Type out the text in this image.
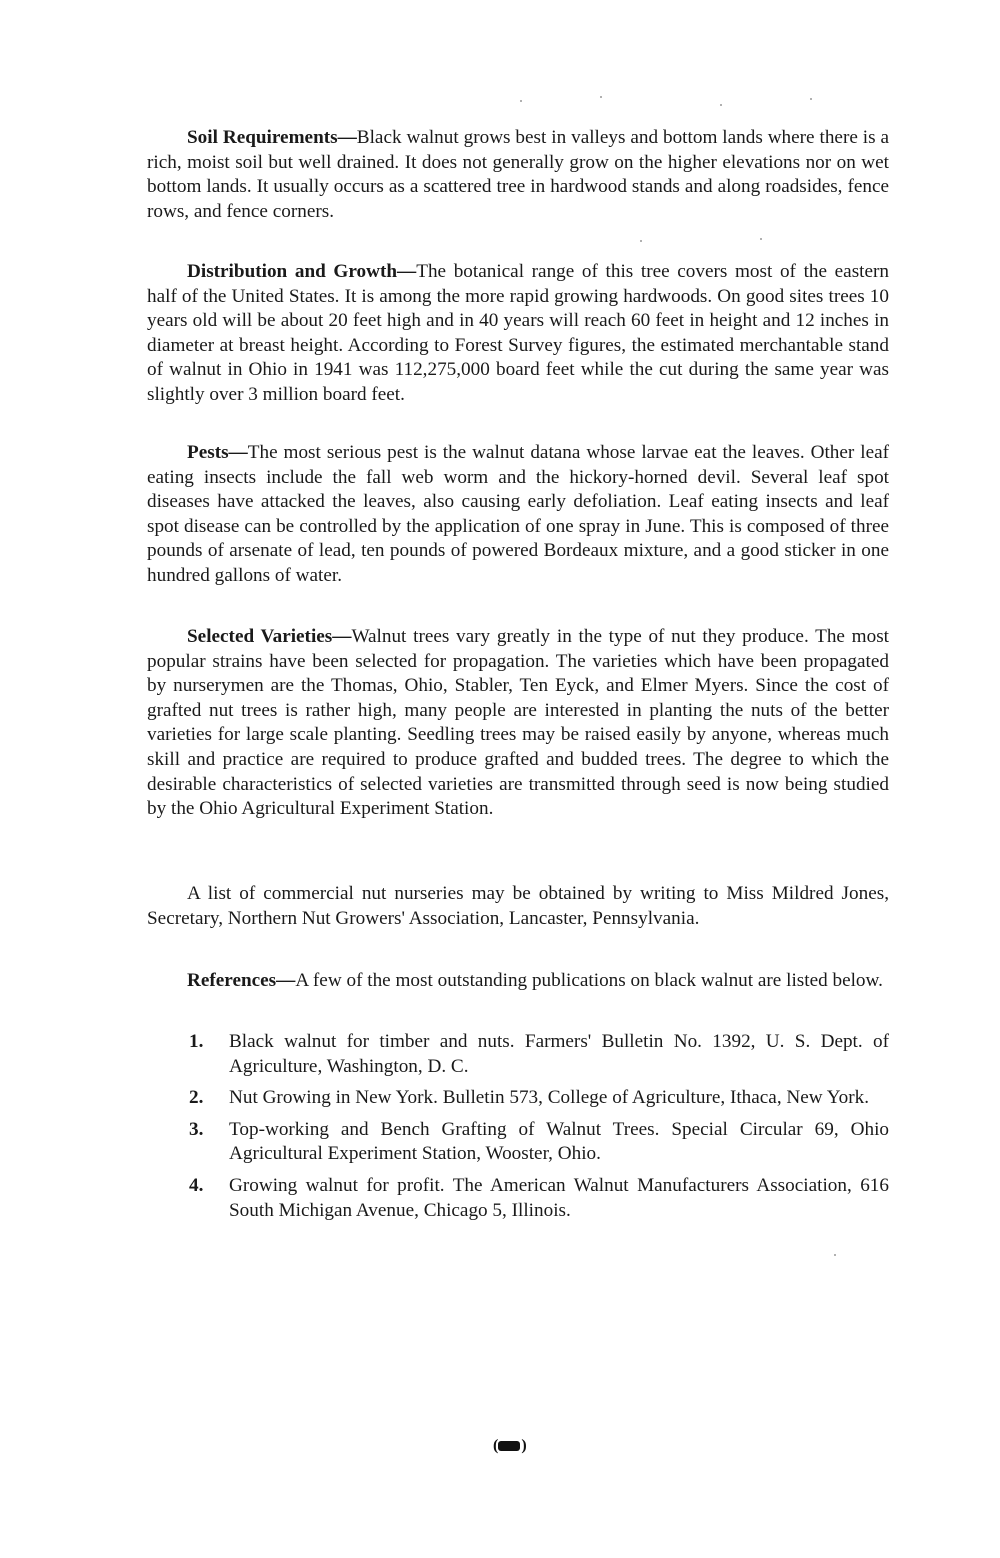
Soil Requirements—Black walnut grows best in valleys and bottom lands where there is a rich, moist soil but well drained. It does not generally grow on the higher elevations nor on wet bottom lands. It usually occurs as a scattered tree in hardwood stands and along roadsides, fence rows, and fence corners.

Distribution and Growth—The botanical range of this tree covers most of the eastern half of the United States. It is among the more rapid growing hardwoods. On good sites trees 10 years old will be about 20 feet high and in 40 years will reach 60 feet in height and 12 inches in diameter at breast height. According to Forest Survey figures, the estimated merchantable stand of walnut in Ohio in 1941 was 112,275,000 board feet while the cut during the same year was slightly over 3 million board feet.

Pests—The most serious pest is the walnut datana whose larvae eat the leaves. Other leaf eating insects include the fall web worm and the hickory-horned devil. Several leaf spot diseases have attacked the leaves, also causing early defoliation. Leaf eating insects and leaf spot disease can be controlled by the application of one spray in June. This is composed of three pounds of arsenate of lead, ten pounds of powered Bordeaux mixture, and a good sticker in one hundred gallons of water.

Selected Varieties—Walnut trees vary greatly in the type of nut they produce. The most popular strains have been selected for propagation. The varieties which have been propagated by nurserymen are the Thomas, Ohio, Stabler, Ten Eyck, and Elmer Myers. Since the cost of grafted nut trees is rather high, many people are interested in planting the nuts of the better varieties for large scale planting. Seedling trees may be raised easily by anyone, whereas much skill and practice are required to produce grafted and budded trees. The degree to which the desirable characteristics of selected varieties are transmitted through seed is now being studied by the Ohio Agricultural Experiment Station.

A list of commercial nut nurseries may be obtained by writing to Miss Mildred Jones, Secretary, Northern Nut Growers' Association, Lancaster, Pennsylvania.

References—A few of the most outstanding publications on black walnut are listed below.

1. Black walnut for timber and nuts. Farmers' Bulletin No. 1392, U. S. Dept. of Agriculture, Washington, D. C.
2. Nut Growing in New York. Bulletin 573, College of Agriculture, Ithaca, New York.
3. Top-working and Bench Grafting of Walnut Trees. Special Circular 69, Ohio Agricultural Experiment Station, Wooster, Ohio.
4. Growing walnut for profit. The American Walnut Manufacturers Association, 616 South Michigan Avenue, Chicago 5, Illinois.
( )
